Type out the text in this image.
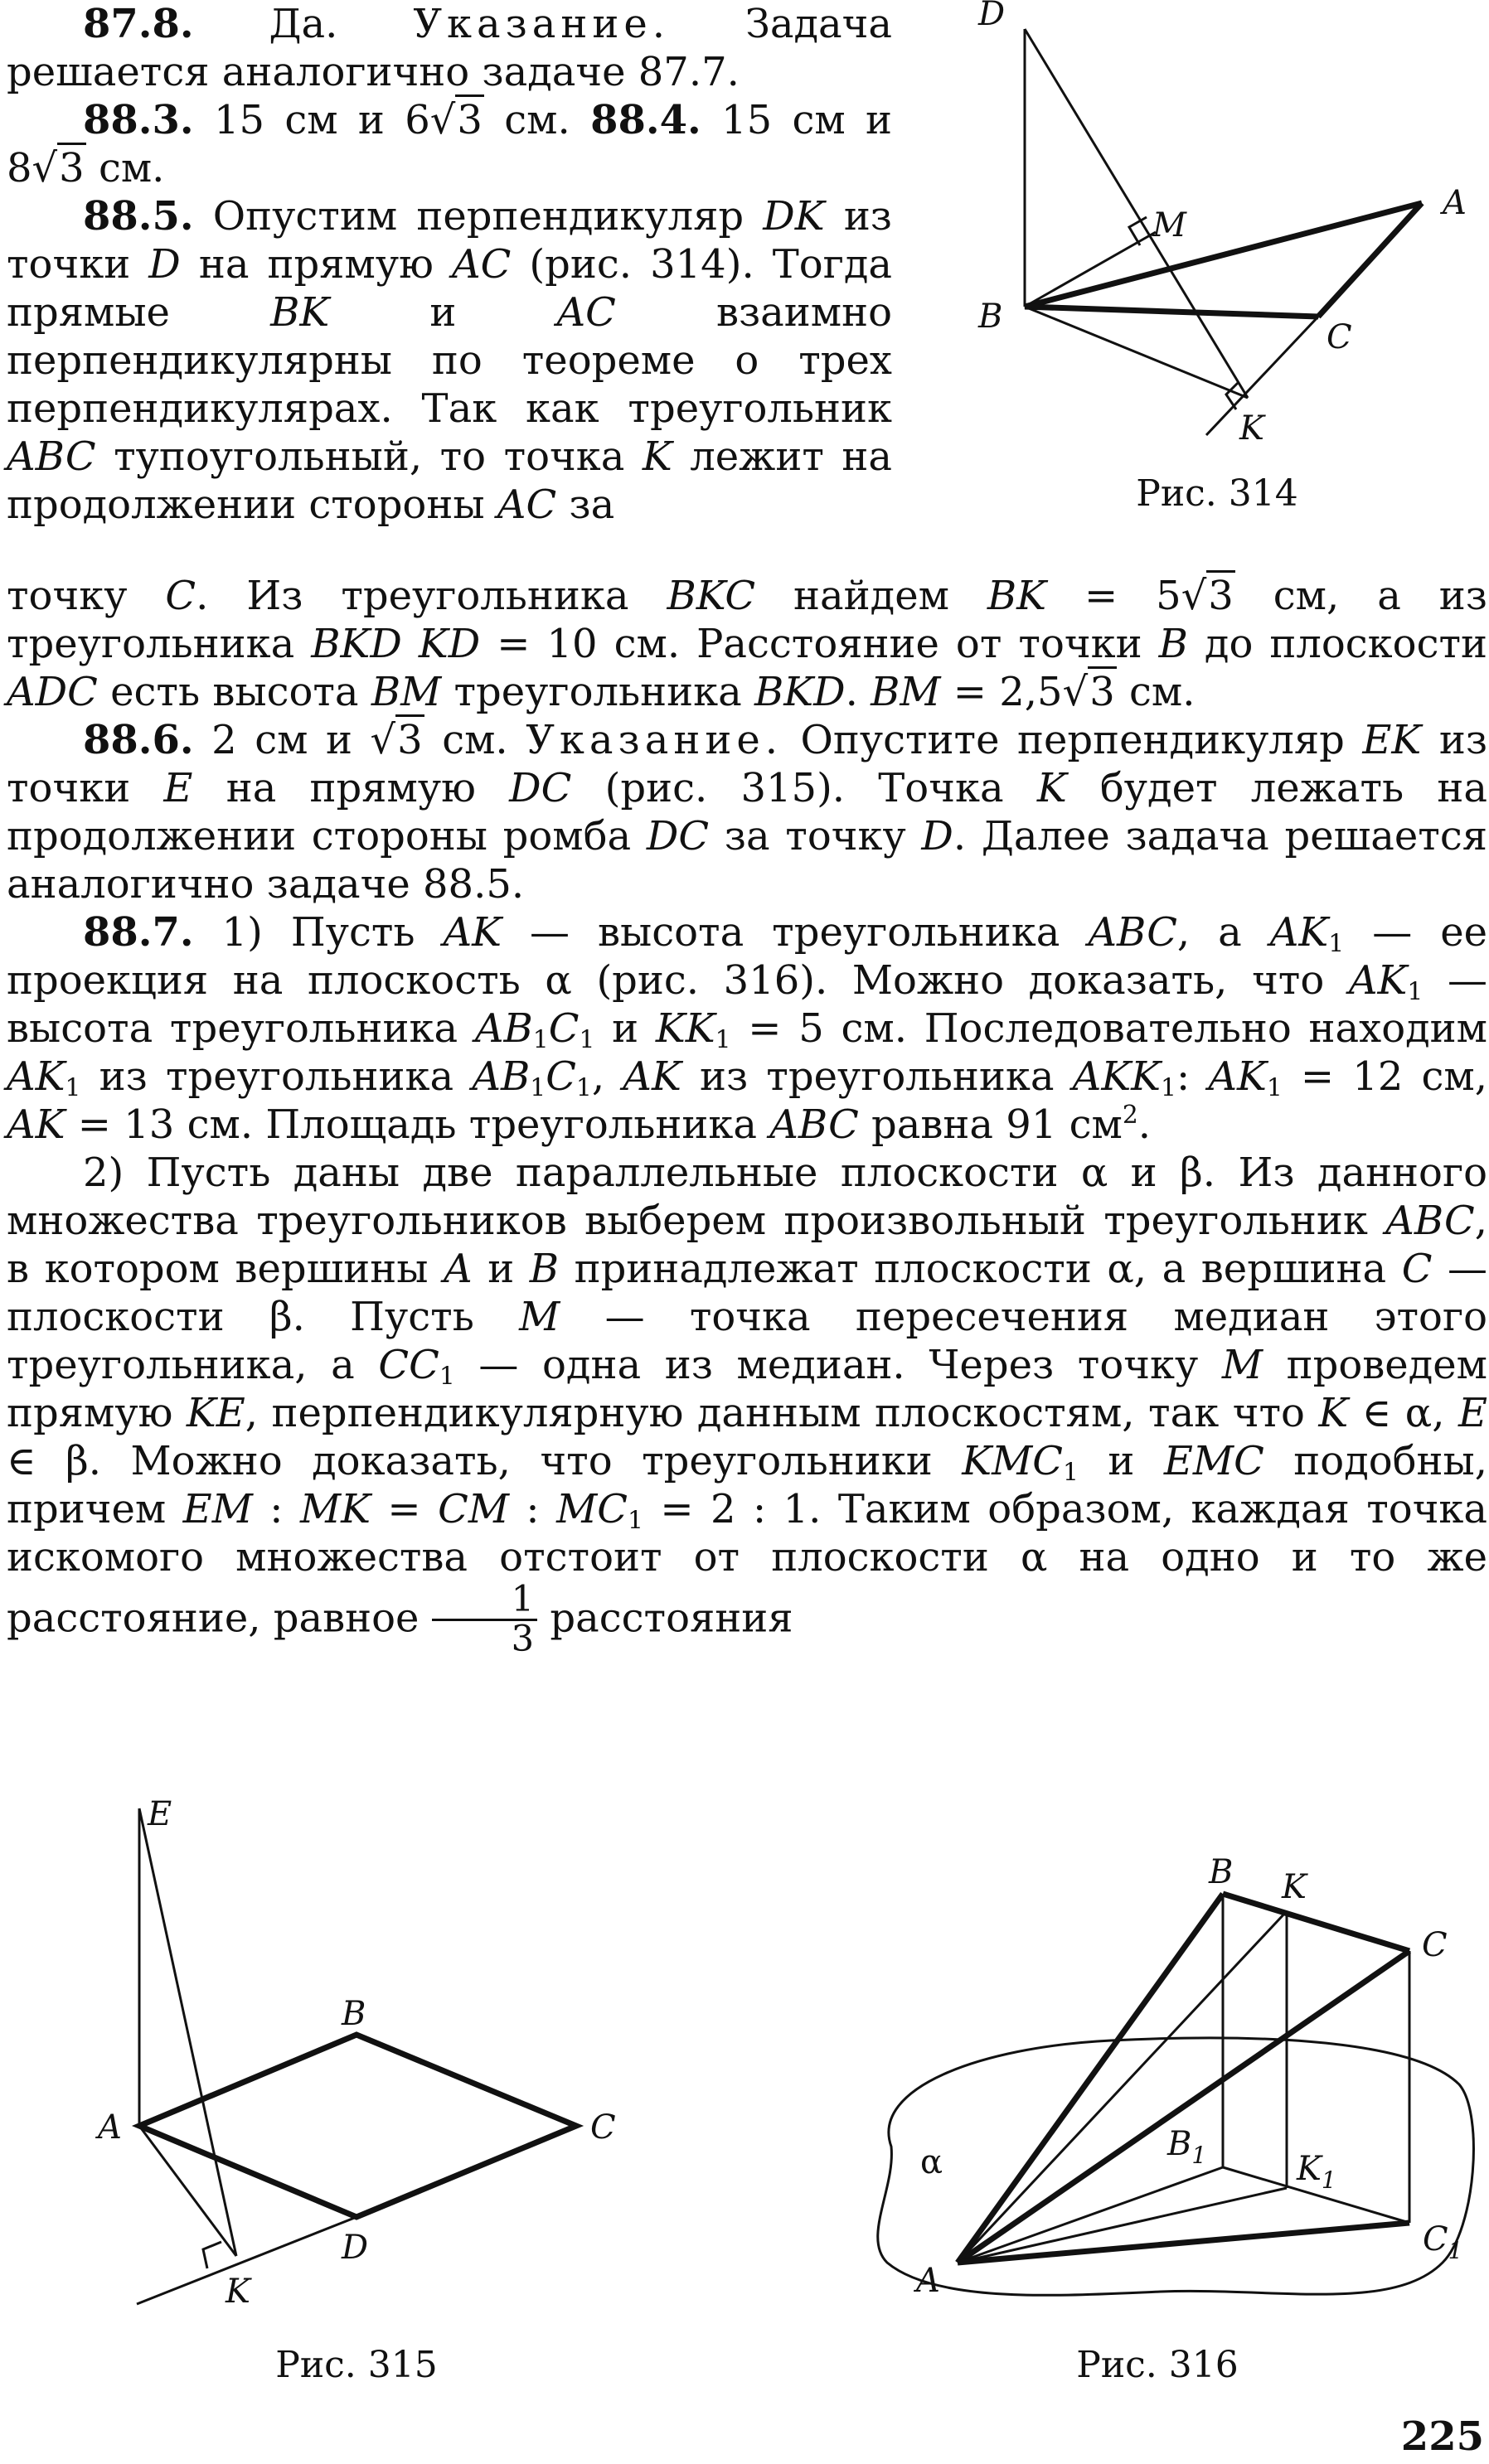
87.8. Да. Указание. Задача решается аналогично задаче 87.7.

88.3. 15 см и 6√3 см. 88.4. 15 см и 8√3 см.

88.5. Опустим перпендикуляр DK из точки D на прямую AC (рис. 314). Тогда прямые BK и AC взаимно перпендикулярны по теореме о трех перпендикулярах. Так как треугольник ABC тупоугольный, то точка K лежит на продолжении стороны AC за

точку C. Из треугольника BKC найдем BK = 5√3 см, а из треугольника BKD KD = 10 см. Расстояние от точки B до плоскости ADC есть высота BM треугольника BKD. BM = 2,5√3 см.

88.6. 2 см и √3 см. Указание. Опустите перпендикуляр EK из точки E на прямую DC (рис. 315). Точка K будет лежать на продолжении стороны ромба DC за точку D. Далее задача решается аналогично задаче 88.5.

88.7. 1) Пусть AK — высота треугольника ABC, а $AK_1$ — ее проекция на плоскость α (рис. 316). Можно доказать, что $AK_1$ — высота треугольника $AB_1C_1$ и $KK_1 = 5$ см. Последовательно находим $AK_1$ из треугольника $AB_1C_1$, AK из треугольника $AKK_1$: $AK_1 = 12$ см, AK = 13 см. Площадь треугольника ABC равна 91 $см^2$.

2) Пусть даны две параллельные плоскости α и β. Из данного множества треугольников выберем произвольный треугольник ABC, в котором вершины A и B принадлежат плоскости α, а вершина C — плоскости β. Пусть M — точка пересечения медиан этого треугольника, а $CC_1$ — одна из медиан. Через точку M проведем прямую KE, перпендикулярную данным плоскостям, так что K ∈ α, E ∈ β. Можно доказать, что треугольники $KMC_1$ и EMC подобны, причем EM : MK = CM : $MC_1 = 2$ : 1. Таким образом, каждая точка искомого множества отстоит от плоскости α на одно и то же расстояние, равное $\frac{1}{3}$ расстояния

D
M
A
B
C
K
Рис. 314
E
B
A	C
D
K
Рис. 315
B K
C
α	$B_1$	$K_1$
$C_1$
A
Рис. 316
225
